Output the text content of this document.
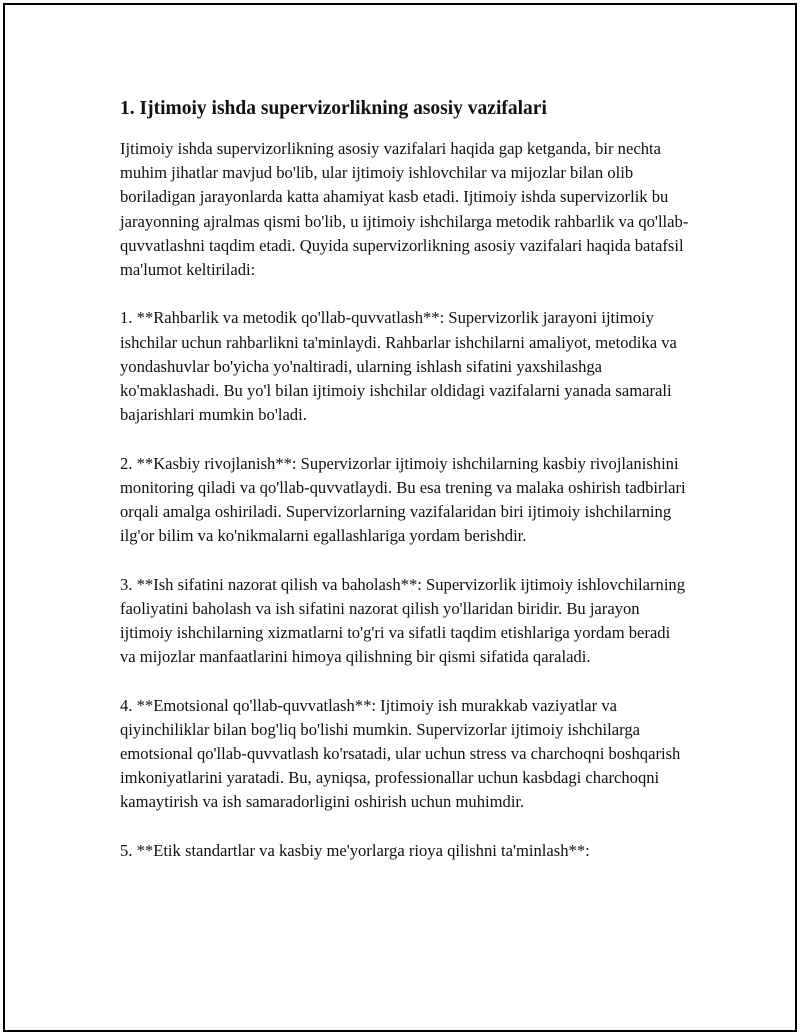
1. Ijtimoiy ishda supervizorlikning asosiy vazifalari

Ijtimoiy ishda supervizorlikning asosiy vazifalari haqida gap ketganda, bir nechta muhim jihatlar mavjud bo'lib, ular ijtimoiy ishlovchilar va mijozlar bilan olib boriladigan jarayonlarda katta ahamiyat kasb etadi. Ijtimoiy ishda supervizorlik bu jarayonning ajralmas qismi bo'lib, u ijtimoiy ishchilarga metodik rahbarlik va qo'llab-quvvatlashni taqdim etadi. Quyida supervizorlikning asosiy vazifalari haqida batafsil ma'lumot keltiriladi:

1. **Rahbarlik va metodik qo'llab-quvvatlash**: Supervizorlik jarayoni ijtimoiy ishchilar uchun rahbarlikni ta'minlaydi. Rahbarlar ishchilarni amaliyot, metodika va yondashuvlar bo'yicha yo'naltiradi, ularning ishlash sifatini yaxshilashga ko'maklashadi. Bu yo'l bilan ijtimoiy ishchilar oldidagi vazifalarni yanada samarali bajarishlari mumkin bo'ladi.

2. **Kasbiy rivojlanish**: Supervizorlar ijtimoiy ishchilarning kasbiy rivojlanishini monitoring qiladi va qo'llab-quvvatlaydi. Bu esa trening va malaka oshirish tadbirlari orqali amalga oshiriladi. Supervizorlarning vazifalaridan biri ijtimoiy ishchilarning ilg'or bilim va ko'nikmalarni egallashlariga yordam berishdir.

3. **Ish sifatini nazorat qilish va baholash**: Supervizorlik ijtimoiy ishlovchilarning faoliyatini baholash va ish sifatini nazorat qilish yo'llaridan biridir. Bu jarayon ijtimoiy ishchilarning xizmatlarni to'g'ri va sifatli taqdim etishlariga yordam beradi va mijozlar manfaatlarini himoya qilishning bir qismi sifatida qaraladi.

4. **Emotsional qo'llab-quvvatlash**: Ijtimoiy ish murakkab vaziyatlar va qiyinchiliklar bilan bog'liq bo'lishi mumkin. Supervizorlar ijtimoiy ishchilarga emotsional qo'llab-quvvatlash ko'rsatadi, ular uchun stress va charchoqni boshqarish imkoniyatlarini yaratadi. Bu, ayniqsa, professionallar uchun kasbdagi charchoqni kamaytirish va ish samaradorligini oshirish uchun muhimdir.

5. **Etik standartlar va kasbiy me'yorlarga rioya qilishni ta'minlash**:
